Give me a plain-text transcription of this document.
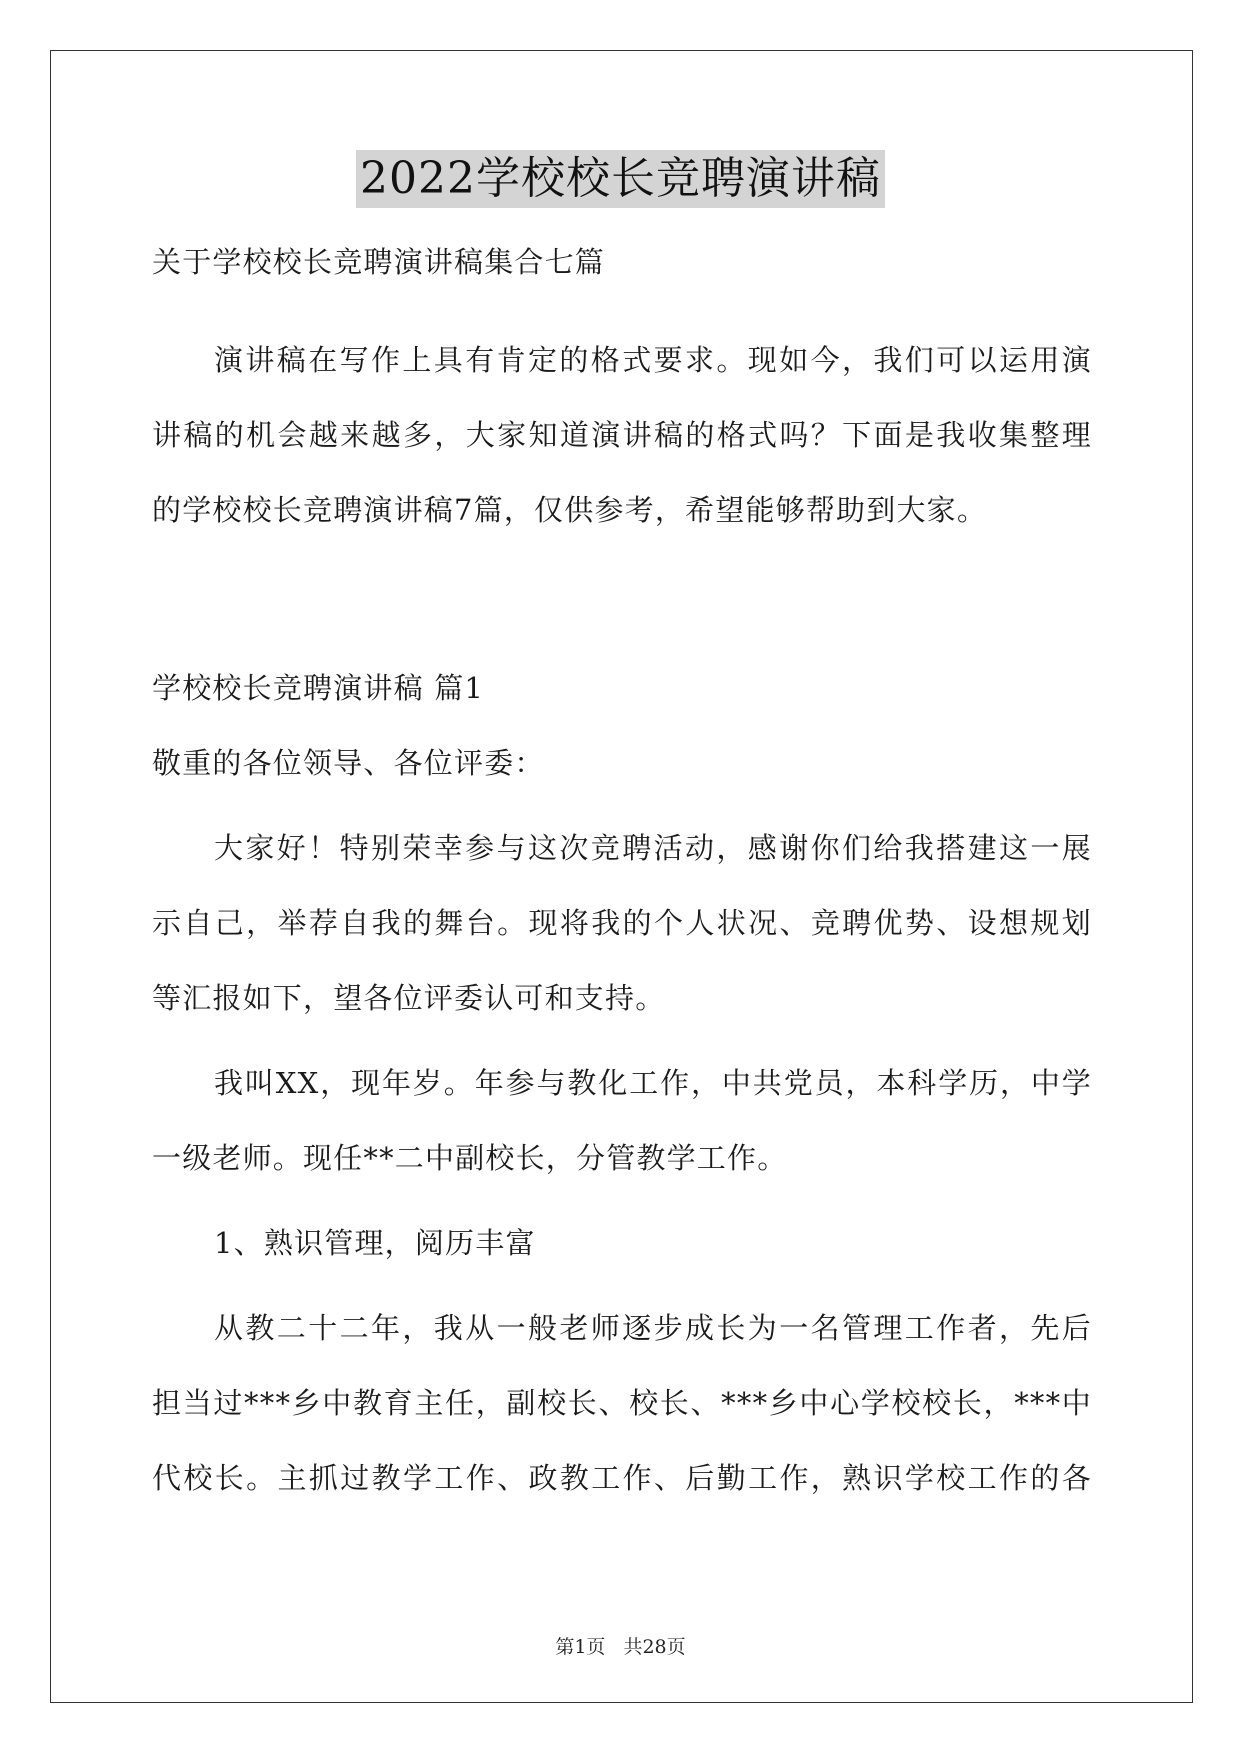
2022学校校长竞聘演讲稿
关于学校校长竞聘演讲稿集合七篇
演讲稿在写作上具有肯定的格式要求。现如今，我们可以运用演
讲稿的机会越来越多，大家知道演讲稿的格式吗？下面是我收集整理
的学校校长竞聘演讲稿7篇，仅供参考，希望能够帮助到大家。
学校校长竞聘演讲稿 篇1
敬重的各位领导、各位评委：
大家好！特别荣幸参与这次竞聘活动，感谢你们给我搭建这一展
示自己，举荐自我的舞台。现将我的个人状况、竞聘优势、设想规划
等汇报如下，望各位评委认可和支持。
我叫XX，现年岁。年参与教化工作，中共党员，本科学历，中学
一级老师。现任**二中副校长，分管教学工作。
1、熟识管理，阅历丰富
从教二十二年，我从一般老师逐步成长为一名管理工作者，先后
担当过***乡中教育主任，副校长、校长、***乡中心学校校长，***中
代校长。主抓过教学工作、政教工作、后勤工作，熟识学校工作的各
第1页 共28页
